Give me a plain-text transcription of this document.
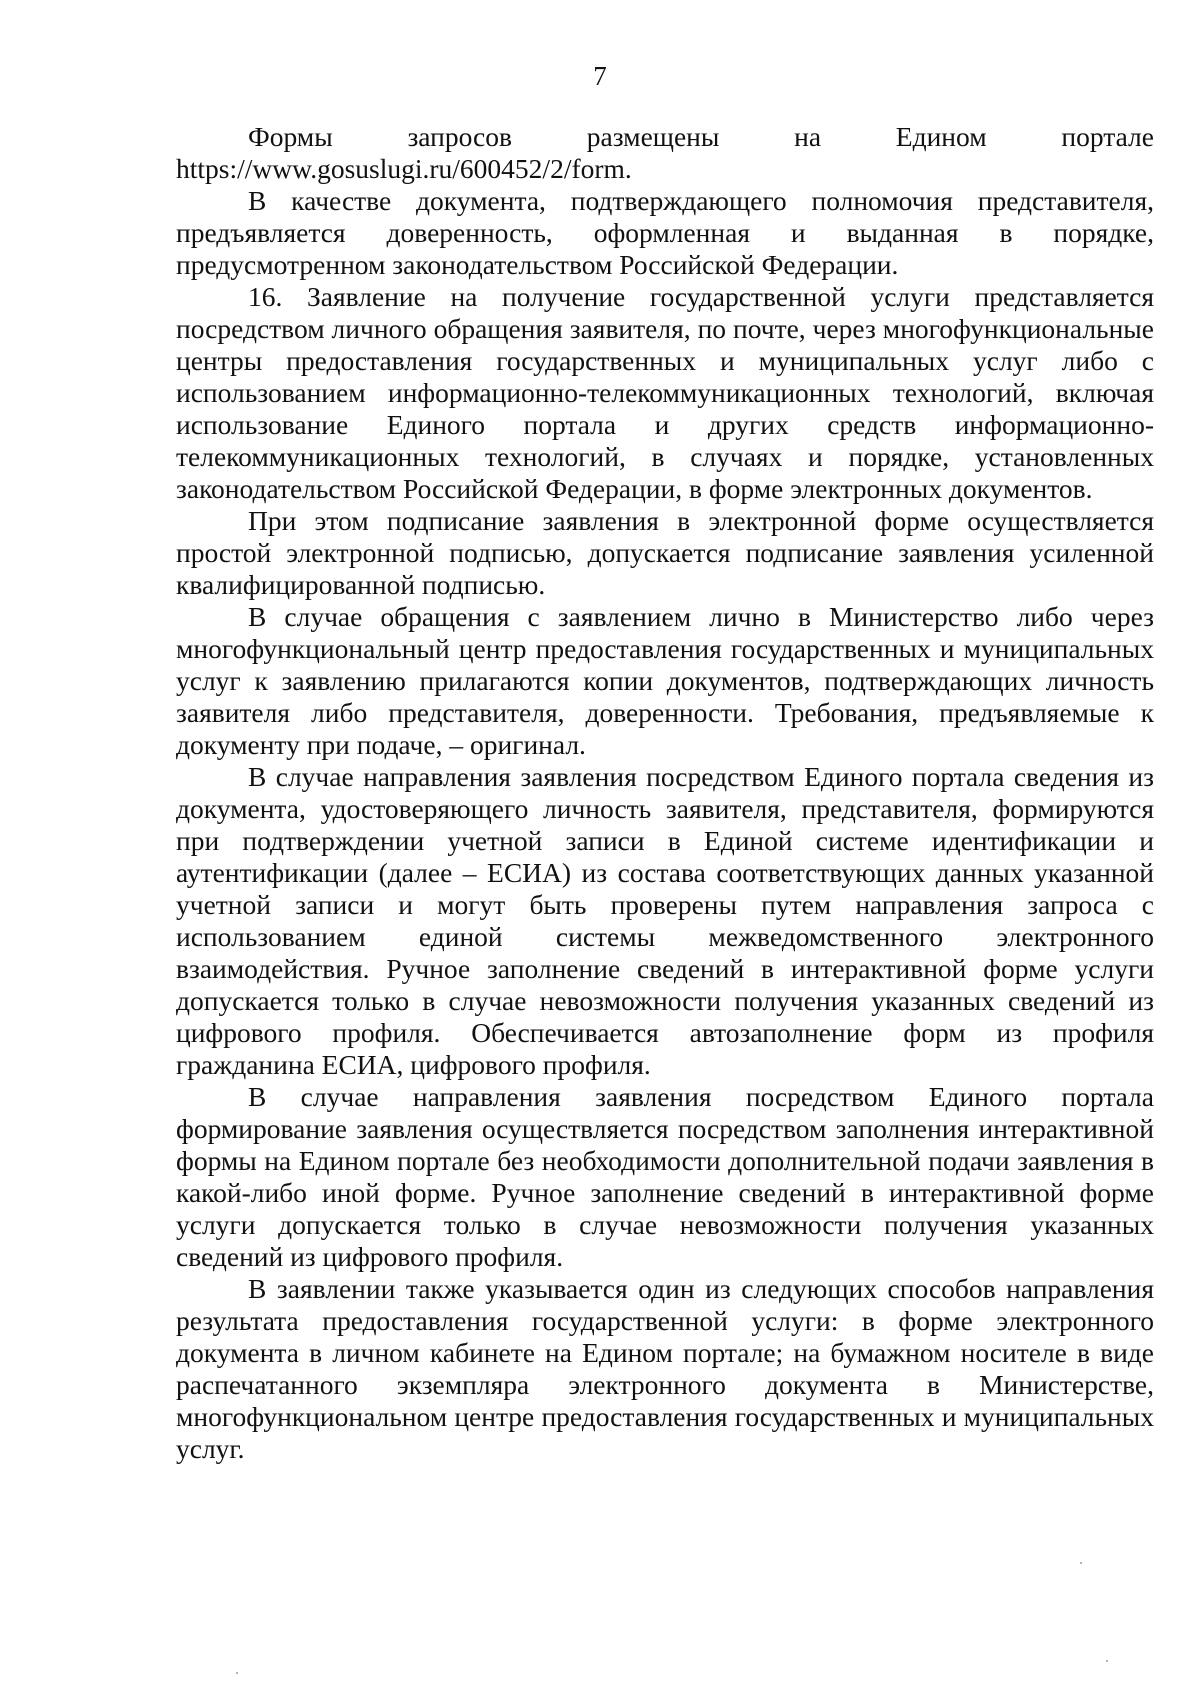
7

Формы запросов размещены на Едином портале https://www.gosuslugi.ru/600452/2/form.

В качестве документа, подтверждающего полномочия представителя, предъявляется доверенность, оформленная и выданная в порядке, предусмотренном законодательством Российской Федерации.

16. Заявление на получение государственной услуги представляется посредством личного обращения заявителя, по почте, через многофункциональные центры предоставления государственных и муниципальных услуг либо с использованием информационно-телекоммуникационных технологий, включая использование Единого портала и других средств информационно-телекоммуникационных технологий, в случаях и порядке, установленных законодательством Российской Федерации, в форме электронных документов.

При этом подписание заявления в электронной форме осуществляется простой электронной подписью, допускается подписание заявления усиленной квалифицированной подписью.

В случае обращения с заявлением лично в Министерство либо через многофункциональный центр предоставления государственных и муниципальных услуг к заявлению прилагаются копии документов, подтверждающих личность заявителя либо представителя, доверенности. Требования, предъявляемые к документу при подаче, – оригинал.

В случае направления заявления посредством Единого портала сведения из документа, удостоверяющего личность заявителя, представителя, формируются при подтверждении учетной записи в Единой системе идентификации и аутентификации (далее – ЕСИА) из состава соответствующих данных указанной учетной записи и могут быть проверены путем направления запроса с использованием единой системы межведомственного электронного взаимодействия. Ручное заполнение сведений в интерактивной форме услуги допускается только в случае невозможности получения указанных сведений из цифрового профиля. Обеспечивается автозаполнение форм из профиля гражданина ЕСИА, цифрового профиля.

В случае направления заявления посредством Единого портала формирование заявления осуществляется посредством заполнения интерактивной формы на Едином портале без необходимости дополнительной подачи заявления в какой-либо иной форме. Ручное заполнение сведений в интерактивной форме услуги допускается только в случае невозможности получения указанных сведений из цифрового профиля.

В заявлении также указывается один из следующих способов направления результата предоставления государственной услуги: в форме электронного документа в личном кабинете на Едином портале; на бумажном носителе в виде распечатанного экземпляра электронного документа в Министерстве, многофункциональном центре предоставления государственных и муниципальных услуг.
